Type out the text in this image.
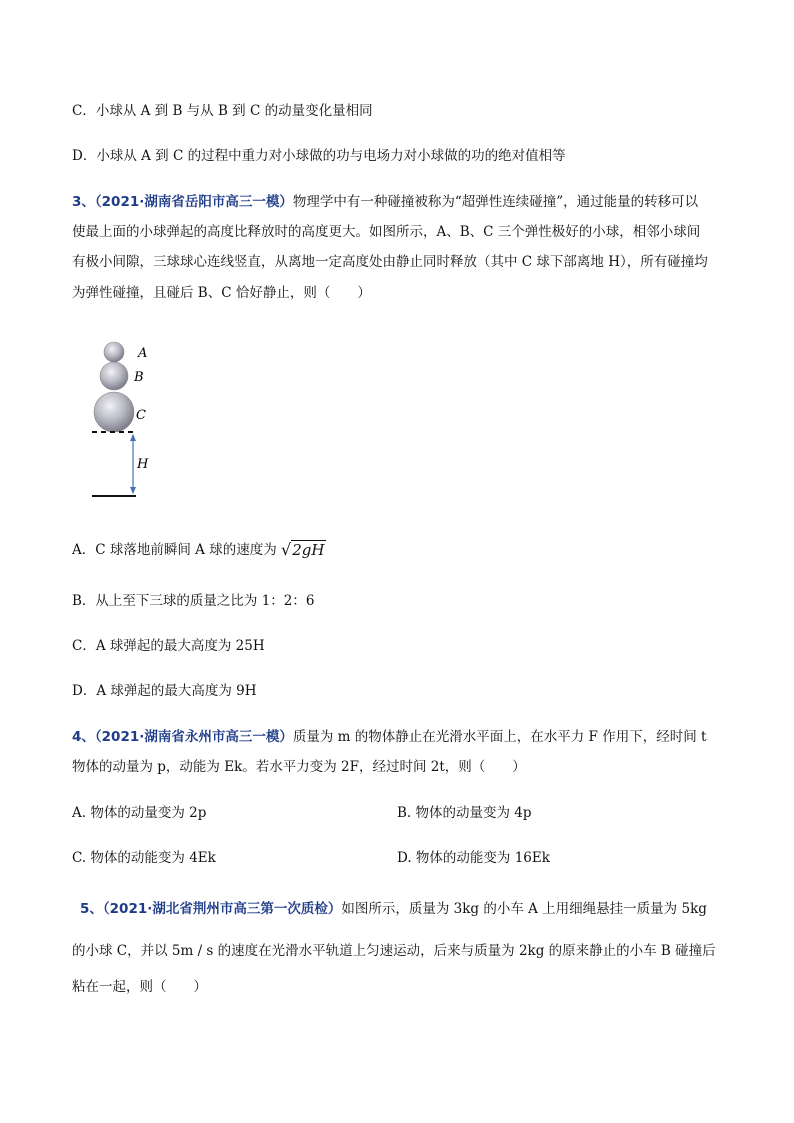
C．小球从 A 到 B 与从 B 到 C 的动量变化量相同
D．小球从 A 到 C 的过程中重力对小球做的功与电场力对小球做的功的绝对值相等
3、（2021·湖南省岳阳市高三一模）物理学中有一种碰撞被称为“超弹性连续碰撞”，通过能量的转移可以
使最上面的小球弹起的高度比释放时的高度更大。如图所示，A、B、C 三个弹性极好的小球，相邻小球间
有极小间隙，三球球心连线竖直，从离地一定高度处由静止同时释放（其中 C 球下部离地 H），所有碰撞均
为弹性碰撞，且碰后 B、C 恰好静止，则（　　）
A
B
C
H
A．C 球落地前瞬间 A 球的速度为 √2gH
B．从上至下三球的质量之比为 1：2：6
C．A 球弹起的最大高度为 25H
D．A 球弹起的最大高度为 9H
4、（2021·湖南省永州市高三一模）质量为 m 的物体静止在光滑水平面上，在水平力 F 作用下，经时间 t
物体的动量为 p，动能为 Ek。若水平力变为 2F，经过时间 2t，则（　　）
A. 物体的动量变为 2p	B. 物体的动量变为 4p
C. 物体的动能变为 4Ek	D. 物体的动能变为 16Ek
5、（2021·湖北省荆州市高三第一次质检）如图所示，质量为 3kg 的小车 A 上用细绳悬挂一质量为 5kg
的小球 C，并以 5m / s 的速度在光滑水平轨道上匀速运动，后来与质量为 2kg 的原来静止的小车 B 碰撞后
粘在一起，则（　　）
